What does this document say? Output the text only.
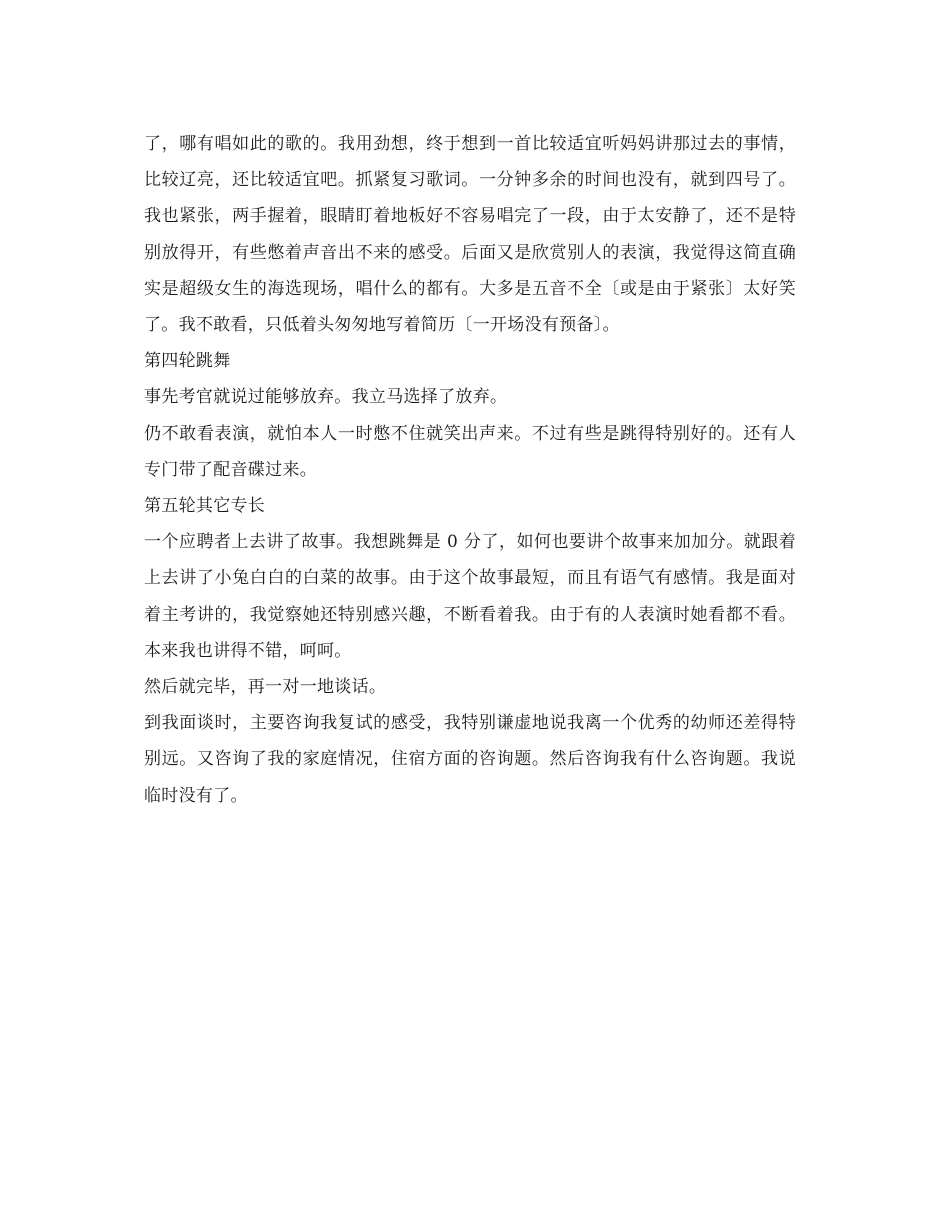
了，哪有唱如此的歌的。我用劲想，终于想到一首比较适宜听妈妈讲那过去的事情，比较辽亮，还比较适宜吧。抓紧复习歌词。一分钟多余的时间也没有，就到四号了。我也紧张，两手握着，眼睛盯着地板好不容易唱完了一段，由于太安静了，还不是特别放得开，有些憋着声音出不来的感受。后面又是欣赏别人的表演，我觉得这简直确实是超级女生的海选现场，唱什么的都有。大多是五音不全〔或是由于紧张〕太好笑了。我不敢看，只低着头匆匆地写着简历〔一开场没有预备〕。

第四轮跳舞

事先考官就说过能够放弃。我立马选择了放弃。

仍不敢看表演，就怕本人一时憋不住就笑出声来。不过有些是跳得特别好的。还有人专门带了配音碟过来。

第五轮其它专长

一个应聘者上去讲了故事。我想跳舞是 0 分了，如何也要讲个故事来加加分。就跟着上去讲了小兔白白的白菜的故事。由于这个故事最短，而且有语气有感情。我是面对着主考讲的，我觉察她还特别感兴趣，不断看着我。由于有的人表演时她看都不看。本来我也讲得不错，呵呵。

然后就完毕，再一对一地谈话。

到我面谈时，主要咨询我复试的感受，我特别谦虚地说我离一个优秀的幼师还差得特别远。又咨询了我的家庭情况，住宿方面的咨询题。然后咨询我有什么咨询题。我说临时没有了。
